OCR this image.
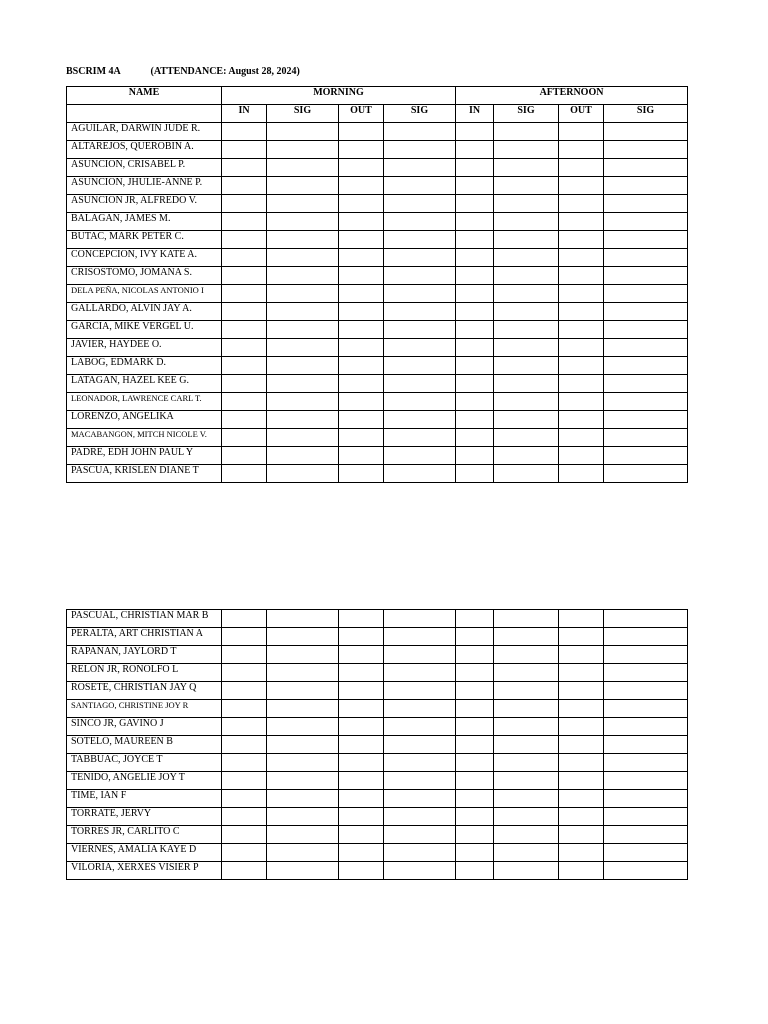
BSCRIM 4A	(ATTENDANCE: August 28, 2024)
NAME	MORNING				AFTERNOON			
	IN	SIG	OUT	SIG	IN	SIG	OUT	SIG
AGUILAR, DARWIN JUDE R.								
ALTAREJOS, QUEROBIN A.								
ASUNCION, CRISABEL P.								
ASUNCION, JHULIE-ANNE P.								
ASUNCION JR, ALFREDO V.								
BALAGAN, JAMES M.								
BUTAC, MARK PETER C.								
CONCEPCION, IVY KATE A.								
CRISOSTOMO, JOMANA S.								
DELA PEÑA, NICOLAS ANTONIO I								
GALLARDO, ALVIN JAY A.								
GARCIA, MIKE VERGEL U.								
JAVIER, HAYDEE O.								
LABOG, EDMARK D.								
LATAGAN, HAZEL KEE G.								
LEONADOR, LAWRENCE CARL T.								
LORENZO, ANGELIKA								
MACABANGON, MITCH NICOLE V.								
PADRE, EDH JOHN PAUL Y								
PASCUA, KRISLEN DIANE T								
PASCUAL, CHRISTIAN MAR B								
PERALTA, ART CHRISTIAN A								
RAPANAN, JAYLORD T								
RELON JR, RONOLFO L								
ROSETE, CHRISTIAN JAY Q								
SANTIAGO, CHRISTINE JOY R								
SINCO JR, GAVINO J								
SOTELO, MAUREEN B								
TABBUAC, JOYCE T								
TENIDO, ANGELIE JOY T								
TIME, IAN F								
TORRATE, JERVY								
TORRES JR, CARLITO C								
VIERNES, AMALIA KAYE D								
VILORIA, XERXES VISIER P								
